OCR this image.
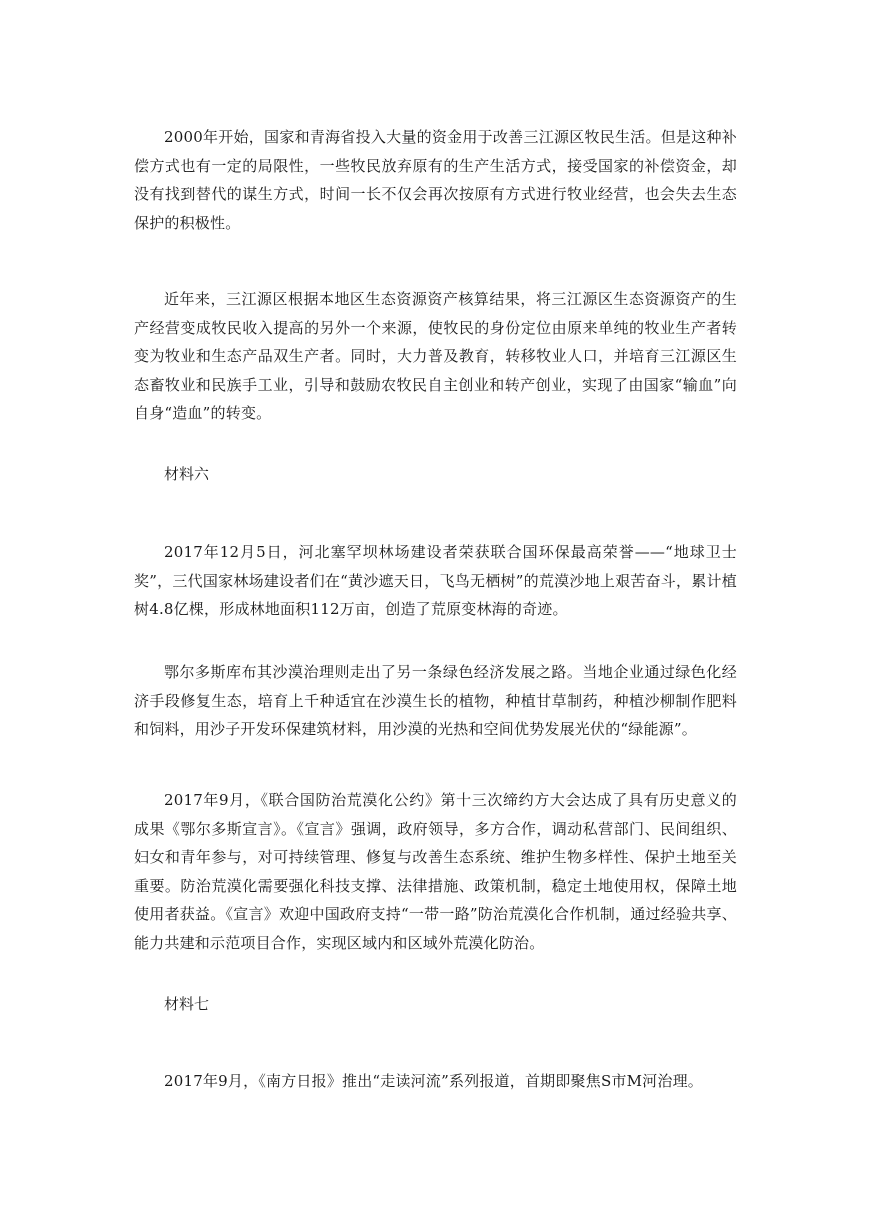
2000年开始，国家和青海省投入大量的资金用于改善三江源区牧民生活。但是这种补偿方式也有一定的局限性，一些牧民放弃原有的生产生活方式，接受国家的补偿资金，却没有找到替代的谋生方式，时间一长不仅会再次按原有方式进行牧业经营，也会失去生态保护的积极性。

近年来，三江源区根据本地区生态资源资产核算结果，将三江源区生态资源资产的生产经营变成牧民收入提高的另外一个来源，使牧民的身份定位由原来单纯的牧业生产者转变为牧业和生态产品双生产者。同时，大力普及教育，转移牧业人口，并培育三江源区生态畜牧业和民族手工业，引导和鼓励农牧民自主创业和转产创业，实现了由国家“输血”向自身“造血”的转变。

材料六

2017年12月5日，河北塞罕坝林场建设者荣获联合国环保最高荣誉——“地球卫士奖”，三代国家林场建设者们在“黄沙遮天日，飞鸟无栖树”的荒漠沙地上艰苦奋斗，累计植树4.8亿棵，形成林地面积112万亩，创造了荒原变林海的奇迹。

鄂尔多斯库布其沙漠治理则走出了另一条绿色经济发展之路。当地企业通过绿色化经济手段修复生态，培育上千种适宜在沙漠生长的植物，种植甘草制药，种植沙柳制作肥料和饲料，用沙子开发环保建筑材料，用沙漠的光热和空间优势发展光伏的“绿能源”。

2017年9月，《联合国防治荒漠化公约》第十三次缔约方大会达成了具有历史意义的成果《鄂尔多斯宣言》。《宣言》强调，政府领导，多方合作，调动私营部门、民间组织、妇女和青年参与，对可持续管理、修复与改善生态系统、维护生物多样性、保护土地至关重要。防治荒漠化需要强化科技支撑、法律措施、政策机制，稳定土地使用权，保障土地使用者获益。《宣言》欢迎中国政府支持“一带一路”防治荒漠化合作机制，通过经验共享、能力共建和示范项目合作，实现区域内和区域外荒漠化防治。

材料七

2017年9月，《南方日报》推出“走读河流”系列报道，首期即聚焦S市M河治理。
